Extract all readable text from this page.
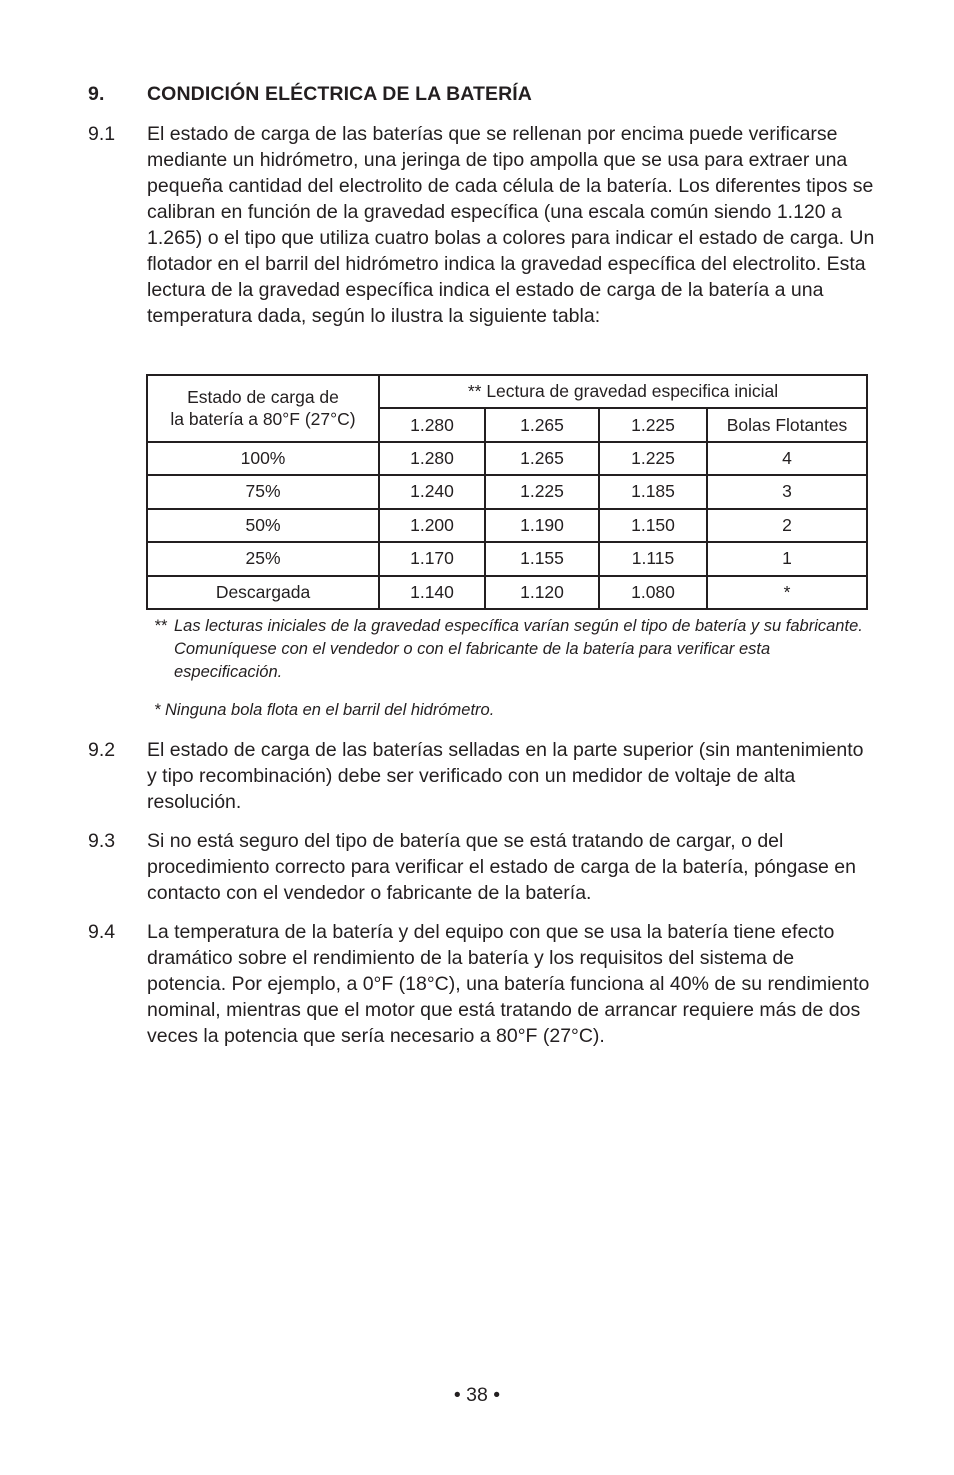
9. CONDICIÓN ELÉCTRICA DE LA BATERÍA
9.1 El estado de carga de las baterías que se rellenan por encima puede verificarse mediante un hidrómetro, una jeringa de tipo ampolla que se usa para extraer una pequeña cantidad del electrolito de cada célula de la batería. Los diferentes tipos se calibran en función de la gravedad específica (una escala común siendo 1.120 a 1.265) o el tipo que utiliza cuatro bolas a colores para indicar el estado de carga. Un flotador en el barril del hidrómetro indica la gravedad específica del electrolito. Esta lectura de la gravedad específica indica el estado de carga de la batería a una temperatura dada, según lo ilustra la siguiente tabla:
Estado de carga de
la batería a 80°F (27°C)	** Lectura de gravedad especifica inicial			
	1.280	1.265	1.225	Bolas Flotantes
100%	1.280	1.265	1.225	4
75%	1.240	1.225	1.185	3
50%	1.200	1.190	1.150	2
25%	1.170	1.155	1.115	1
Descargada	1.140	1.120	1.080	*
** Las lecturas iniciales de la gravedad específica varían según el tipo de batería y su fabricante. Comuníquese con el vendedor o con el fabricante de la batería para verificar esta especificación.
* Ninguna bola flota en el barril del hidrómetro.
9.2 El estado de carga de las baterías selladas en la parte superior (sin mantenimiento y tipo recombinación) debe ser verificado con un medidor de voltaje de alta resolución.
9.3 Si no está seguro del tipo de batería que se está tratando de cargar, o del procedimiento correcto para verificar el estado de carga de la batería, póngase en contacto con el vendedor o fabricante de la batería.
9.4 La temperatura de la batería y del equipo con que se usa la batería tiene efecto dramático sobre el rendimiento de la batería y los requisitos del sistema de potencia. Por ejemplo, a 0°F (18°C), una batería funciona al 40% de su rendimiento nominal, mientras que el motor que está tratando de arrancar requiere más de dos veces la potencia que sería necesario a 80°F (27°C).
• 38 •
